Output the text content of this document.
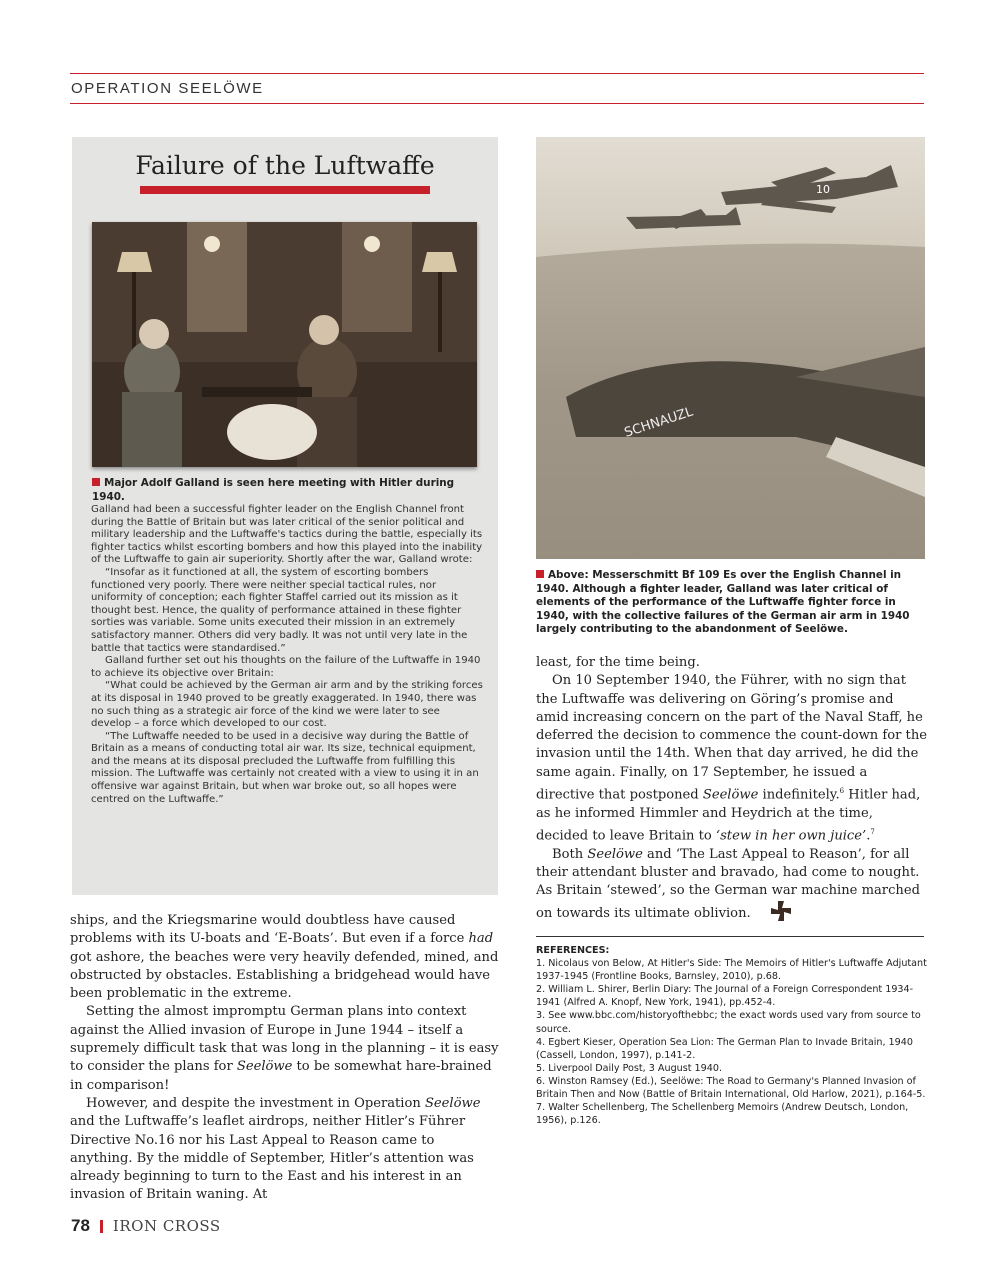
OPERATION SEELÖWE
Failure of the Luftwaffe
Major Adolf Galland is seen here meeting with Hitler during 1940.

Galland had been a successful fighter leader on the English Channel front during the Battle of Britain but was later critical of the senior political and military leadership and the Luftwaffe's tactics during the battle, especially its fighter tactics whilst escorting bombers and how this played into the inability of the Luftwaffe to gain air superiority. Shortly after the war, Galland wrote:

“Insofar as it functioned at all, the system of escorting bombers functioned very poorly. There were neither special tactical rules, nor uniformity of conception; each fighter Staffel carried out its mission as it thought best. Hence, the quality of performance attained in these fighter sorties was variable. Some units executed their mission in an extremely satisfactory manner. Others did very badly. It was not until very late in the battle that tactics were standardised.”

Galland further set out his thoughts on the failure of the Luftwaffe in 1940 to achieve its objective over Britain:

“What could be achieved by the German air arm and by the striking forces at its disposal in 1940 proved to be greatly exaggerated. In 1940, there was no such thing as a strategic air force of the kind we were later to see develop – a force which developed to our cost.

“The Luftwaffe needed to be used in a decisive way during the Battle of Britain as a means of conducting total air war. Its size, technical equipment, and the means at its disposal precluded the Luftwaffe from fulfilling this mission. The Luftwaffe was certainly not created with a view to using it in an offensive war against Britain, but when war broke out, so all hopes were centred on the Luftwaffe.”

ships, and the Kriegsmarine would doubtless have caused problems with its U-boats and ‘E-Boats’. But even if a force had got ashore, the beaches were very heavily defended, mined, and obstructed by obstacles. Establishing a bridgehead would have been problematic in the extreme.

Setting the almost impromptu German plans into context against the Allied invasion of Europe in June 1944 – itself a supremely difficult task that was long in the planning – it is easy to consider the plans for Seelöwe to be somewhat hare-brained in comparison!

However, and despite the investment in Operation Seelöwe and the Luftwaffe’s leaflet airdrops, neither Hitler’s Führer Directive No.16 nor his Last Appeal to Reason came to anything. By the middle of September, Hitler’s attention was already beginning to turn to the East and his interest in an invasion of Britain waning. At

10
SCHNAUZL
Above: Messerschmitt Bf 109 Es over the English Channel in 1940. Although a fighter leader, Galland was later critical of elements of the performance of the Luftwaffe fighter force in 1940, with the collective failures of the German air arm in 1940 largely contributing to the abandonment of Seelöwe.

least, for the time being.

On 10 September 1940, the Führer, with no sign that the Luftwaffe was delivering on Göring’s promise and amid increasing concern on the part of the Naval Staff, he deferred the decision to commence the count-down for the invasion until the 14th. When that day arrived, he did the same again. Finally, on 17 September, he issued a directive that postponed Seelöwe indefinitely.$^6$ Hitler had, as he informed Himmler and Heydrich at the time, decided to leave Britain to ‘stew in her own juice’.$^7$

Both Seelöwe and ‘The Last Appeal to Reason’, for all their attendant bluster and bravado, had come to nought. As Britain ‘stewed’, so the German war machine marched on towards its ultimate oblivion.

REFERENCES:
1. Nicolaus von Below, At Hitler's Side: The Memoirs of Hitler's Luftwaffe Adjutant 1937-1945 (Frontline Books, Barnsley, 2010), p.68.
2. William L. Shirer, Berlin Diary: The Journal of a Foreign Correspondent 1934-1941 (Alfred A. Knopf, New York, 1941), pp.452-4.
3. See www.bbc.com/historyofthebbc; the exact words used vary from source to source.
4. Egbert Kieser, Operation Sea Lion: The German Plan to Invade Britain, 1940 (Cassell, London, 1997), p.141-2.
5. Liverpool Daily Post, 3 August 1940.
6. Winston Ramsey (Ed.), Seelöwe: The Road to Germany's Planned Invasion of Britain Then and Now (Battle of Britain International, Old Harlow, 2021), p.164-5.
7. Walter Schellenberg, The Schellenberg Memoirs (Andrew Deutsch, London, 1956), p.126.
78 IRON CROSS
